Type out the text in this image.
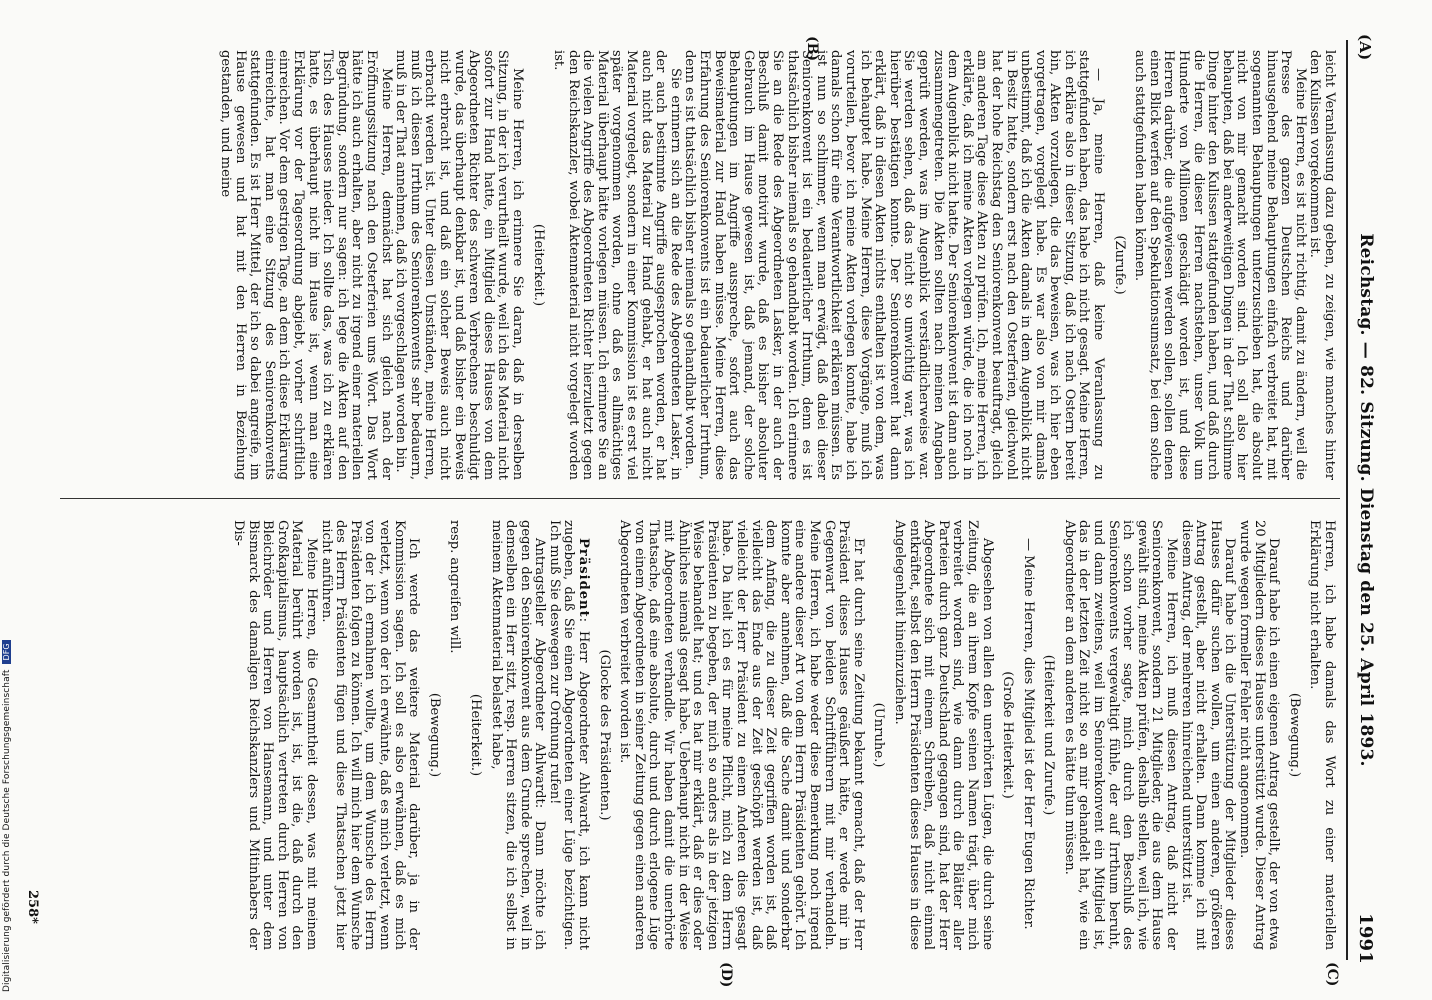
(A)
Reichstag. — 82. Sitzung. Dienstag den 25. April 1893.
1991
(B)
(C)
(D)

leicht Veranlassung dazu geben, zu zeigen, wie manches hinter den Kulissen vorgekommen ist.

Meine Herren, es ist nicht richtig, damit zu ändern, weil die Presse des ganzen Deutschen Reichs und darüber hinausgehend meine Behauptungen einfach verbreitet hat, mit sogenannten Behauptungen unterzuschieben hat, die absolut nicht von mir gemacht worden sind. Ich soll also hier behaupten, daß bei anderweitigen Dingen in der That schlimme Dinge hinter den Kulissen stattgefunden haben, und daß durch die Herren, die dieser Herren nachstehen, unser Volk um Hunderte von Millionen geschädigt worden ist, und diese Herren darüber, die aufgewiesen werden sollen, sollen denen einen Blick werfen auf den Spekulationsumsatz, bei dem solche auch stattgefunden haben können.

(Zurufe.)

— Ja, meine Herren, daß keine Veranlassung zu stattgefunden haben, das habe ich nicht gesagt. Meine Herren, ich erkläre also in dieser Sitzung, daß ich nach Ostern bereit bin, Akten vorzulegen, die das beweisen, was ich hier eben vorgetragen, vorgelegt habe. Es war also von mir damals unbestimmt, daß ich die Akten damals in dem Augenblick nicht in Besitz hatte, sondern erst nach den Osterferien, gleichwohl hat der hohe Reichstag den Seniorenkonvent beauftragt, gleich am anderen Tage diese Akten zu prüfen. Ich, meine Herren, ich erklärte, daß ich meine Akten vorlegen würde, die ich noch in dem Augenblick nicht hatte. Der Seniorenkonvent ist dann auch zusammengetreten. Die Akten sollten nach meinen Angaben geprüft werden, was im Augenblick verständlicherweise war. Sie werden sehen, daß das nicht so unwichtig war, was ich hierüber bestätigen konnte. Der Seniorenkonvent hat dann erklärt, daß in diesen Akten nichts enthalten ist von dem, was ich behauptet habe. Meine Herren, diese Vorgänge, muß ich vorurteilen, bevor ich meine Akten vorlegen konnte, habe ich damals schon für eine Verantwortlichkeit erklären müssen. Es ist nun so schlimmer, wenn man erwägt, daß dabei dieser Seniorenkonvent ist ein bedauerlicher Irrthum, denn es ist thatsächlich bisher niemals so gehandhabt worden. Ich erinnere Sie an die Rede des Abgeordneten Lasker, in der auch der Beschluß damit motivirt wurde, daß es bisher absoluter Gebrauch im Hause gewesen ist, daß jemand, der solche Behauptungen im Angriffe ausspreche, sofort auch das Beweismaterial zur Hand haben müsse. Meine Herren, diese Erfahrung des Seniorenkonvents ist ein bedauerlicher Irrthum, denn es ist thatsächlich bisher niemals so gehandhabt worden.

Sie erinnern sich an die Rede des Abgeordneten Lasker, in der auch bestimmte Angriffe ausgesprochen worden, er hat auch nicht das Material zur Hand gehabt, er hat auch nicht Material vorgelegt, sondern in einer Kommission ist es erst viel später vorgenommen worden, ohne daß es allmächtiges Material überhaupt hätte vorlegen müssen. Ich erinnere Sie an die vielen Angriffe des Abgeordneten Richter hierzuletzt gegen den Reichskanzler, wobei Aktenmaterial nicht vorgelegt worden ist.

(Heiterkeit.)

Meine Herren, ich erinnere Sie daran, daß in derselben Sitzung, in der ich verurtheilt wurde, weil ich das Material nicht sofort zur Hand hatte, ein Mitglied dieses Hauses von dem Abgeordneten Richter des schweren Verbrechens beschuldigt wurde, das überhaupt denkbar ist, und daß bisher ein Beweis nicht erbracht ist, und daß ein solcher Beweis auch nicht erbracht werden ist. Unter diesen Umständen, meine Herren, muß ich diesen Irrthum des Seniorenkonvents sehr bedauern, muß in der That annehmen, daß ich vorgeschlagen worden bin.

Meine Herren, demnächst hat sich gleich nach der Eröffnungssitzung nach den Osterferien ums Wort. Das Wort hätte ich auch erhalten, aber nicht zu irgend einer materiellen Begründung, sondern nur sagen: ich lege die Akten auf den Tisch des Hauses nieder. Ich sollte das, was ich zu erklären hatte, es überhaupt nicht im Hause ist, wenn man eine Erklärung vor der Tagesordnung abgiebt, vorher schriftlich einreichen. Vor dem gestrigen Tage, an dem ich diese Erklärung einreichte, hat man eine Sitzung des Seniorenkonvents stattgefunden. Es ist Herr Mittel, der ich so dabei angreife, im Hause gewesen und hat mit den Herren in Beziehung gestanden, und meine

Herren, ich habe damals das Wort zu einer materiellen Erklärung nicht erhalten.

(Bewegung.)

Darauf habe ich einen eigenen Antrag gestellt, der von etwa 20 Mitgliedern dieses Hauses unterstützt wurde. Dieser Antrag wurde wegen formeller Fehler nicht angenommen.

Darauf habe ich die Unterstützung der Mitglieder dieses Hauses dafür suchen wollen, um einen anderen, größeren Antrag gestellt, aber nicht erhalten. Dann komme ich mit diesem Antrag, der mehreren hinreichend unterstützt ist.

Meine Herren, ich muß diesen Antrag, daß nicht der Seniorenkonvent, sondern 21 Mitglieder, die aus dem Hause gewählt sind, meine Akten prüfen, deshalb stellen, weil ich, wie ich schon vorher sagte, mich durch den Beschluß des Seniorenkonvents vergewaltigt fühle, der auf Irrthum beruht, und dann zweitens, weil im Seniorenkonvent ein Mitglied ist, das in der letzten Zeit nicht so an mir gehandelt hat, wie ein Abgeordneter an dem anderen es hätte thun müssen.

(Heiterkeit und Zurufe.)

— Meine Herren, dies Mitglied ist der Herr Eugen Richter.

(Große Heiterkeit.)

Abgesehen von allen den unerhörten Lügen, die durch seine Zeitung, die an ihrem Kopfe seinen Namen trägt, über mich verbreitet worden sind, wie dann durch die Blätter aller Parteien durch ganz Deutschland gegangen sind, hat der Herr Abgeordnete sich mit einem Schreiben, daß nicht einmal entkräftet, selbst den Herrn Präsidenten dieses Hauses in diese Angelegenheit hineinzuziehen.

(Unruhe.)

Er hat durch seine Zeitung bekannt gemacht, daß der Herr Präsident dieses Hauses geäußert hätte, er werde mir in Gegenwart von beiden Schriftführern mit mir verhandeln. Meine Herren, ich habe weder diese Bemerkung noch irgend eine andere dieser Art von dem Herrn Präsidenten gehört. Ich konnte aber annehmen, daß die Sache damit und sonderbar dem Anfang, die zu dieser Zeit gegriffen worden ist, daß vielleicht das Ende aus der Zeit geschöpft werden ist, daß vielleicht der Herr Präsident zu einem Anderen dies gesagt habe. Da hielt ich es für meine Pflicht, mich zu dem Herrn Präsidenten zu begeben, der mich so anders als in der jetzigen Weise behandelt hat; und es hat mir erklärt, daß er dies oder Ähnliches niemals gesagt habe. Ueberhaupt nicht in der Weise mit Abgeordneten verhandle. Wir haben damit die unerhörte Thatsache, daß eine absolute, durch und durch erlogene Lüge von einem Abgeordneten in seiner Zeitung gegen einen anderen Abgeordneten verbreitet worden ist.

(Glocke des Präsidenten.)

Präsident: Herr Abgeordneter Ahlwardt, ich kann nicht zugeben, daß Sie einen Abgeordneten einer Lüge bezichtigen. Ich muß Sie deswegen zur Ordnung rufen!

Antragsteller Abgeordneter Ahlwardt: Dann möchte ich gegen den Seniorenkonvent aus dem Grunde sprechen, weil in demselben ein Herr sitzt, resp. Herren sitzen, die ich selbst in meinem Aktenmaterial belastet habe,

(Heiterkeit.)

resp. angreifen will.

(Bewegung.)

Ich werde das weitere Material darüber, ja in der Kommission sagen. Ich soll es also erwähnen, daß es mich verletzt, wenn von der ich erwähnte, daß es mich verletzt, wenn von der ich ermahnen wollte, um dem Wunsche des Herrn Präsidenten folgen zu können. Ich will mich hier dem Wunsche des Herrn Präsidenten fügen und diese Thatsachen jetzt hier nicht anführen.

Meine Herren, die Gesammtheit dessen, was mit meinem Material berührt worden ist, ist, ist die, daß durch den Großkapitalismus, hauptsächlich vertreten durch Herren von Bleichröder und Herren von Hansemann, und unter dem Bismarck des damaligen Reichskanzlers und Mitinhabers der Dis-

258*
Digitalisierung gefördert durch die Deutsche ForschungsgemeinschaftDFG
